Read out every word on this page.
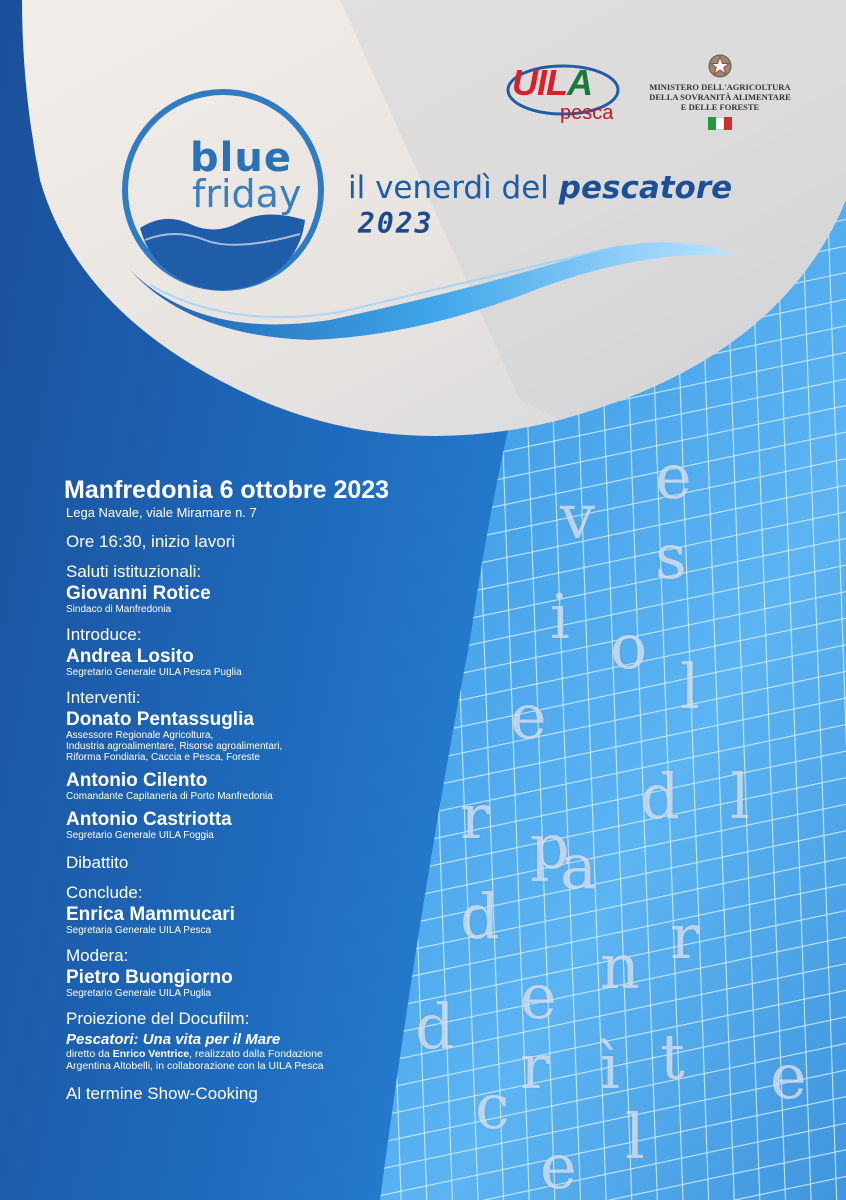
blue
friday il venerdì del pescatore
2023
UILA
pesca
MINISTERO DELL'AGRICOLTURA
DELLA SOVRANITÀ ALIMENTARE
E DELLE FORESTE
e
v
s
i o
l
e
l
r p
d
a
d	r
n
e
d
r	e
c
ì t
l
e

Manfredonia 6 ottobre 2023

Lega Navale, viale Miramare n. 7

Ore 16:30, inizio lavori

Saluti istituzionali:

Giovanni Rotice

Sindaco di Manfredonia

Introduce:

Andrea Losito

Segretario Generale UILA Pesca Puglia

Interventi:

Donato Pentassuglia

Assessore Regionale Agricoltura,

Industria agroalimentare, Risorse agroalimentari,

Riforma Fondiaria, Caccia e Pesca, Foreste

Antonio Cilento

Comandante Capitaneria di Porto Manfredonia

Antonio Castriotta

Segretario Generale UILA Foggia

Dibattito

Conclude:

Enrica Mammucari

Segretaria Generale UILA Pesca

Modera:

Pietro Buongiorno

Segretario Generale UILA Puglia

Proiezione del Docufilm:

Pescatori: Una vita per il Mare

diretto da Enrico Ventrice, realizzato dalla Fondazione

Argentina Altobelli, in collaborazione con la UILA Pesca

Al termine Show-Cooking
